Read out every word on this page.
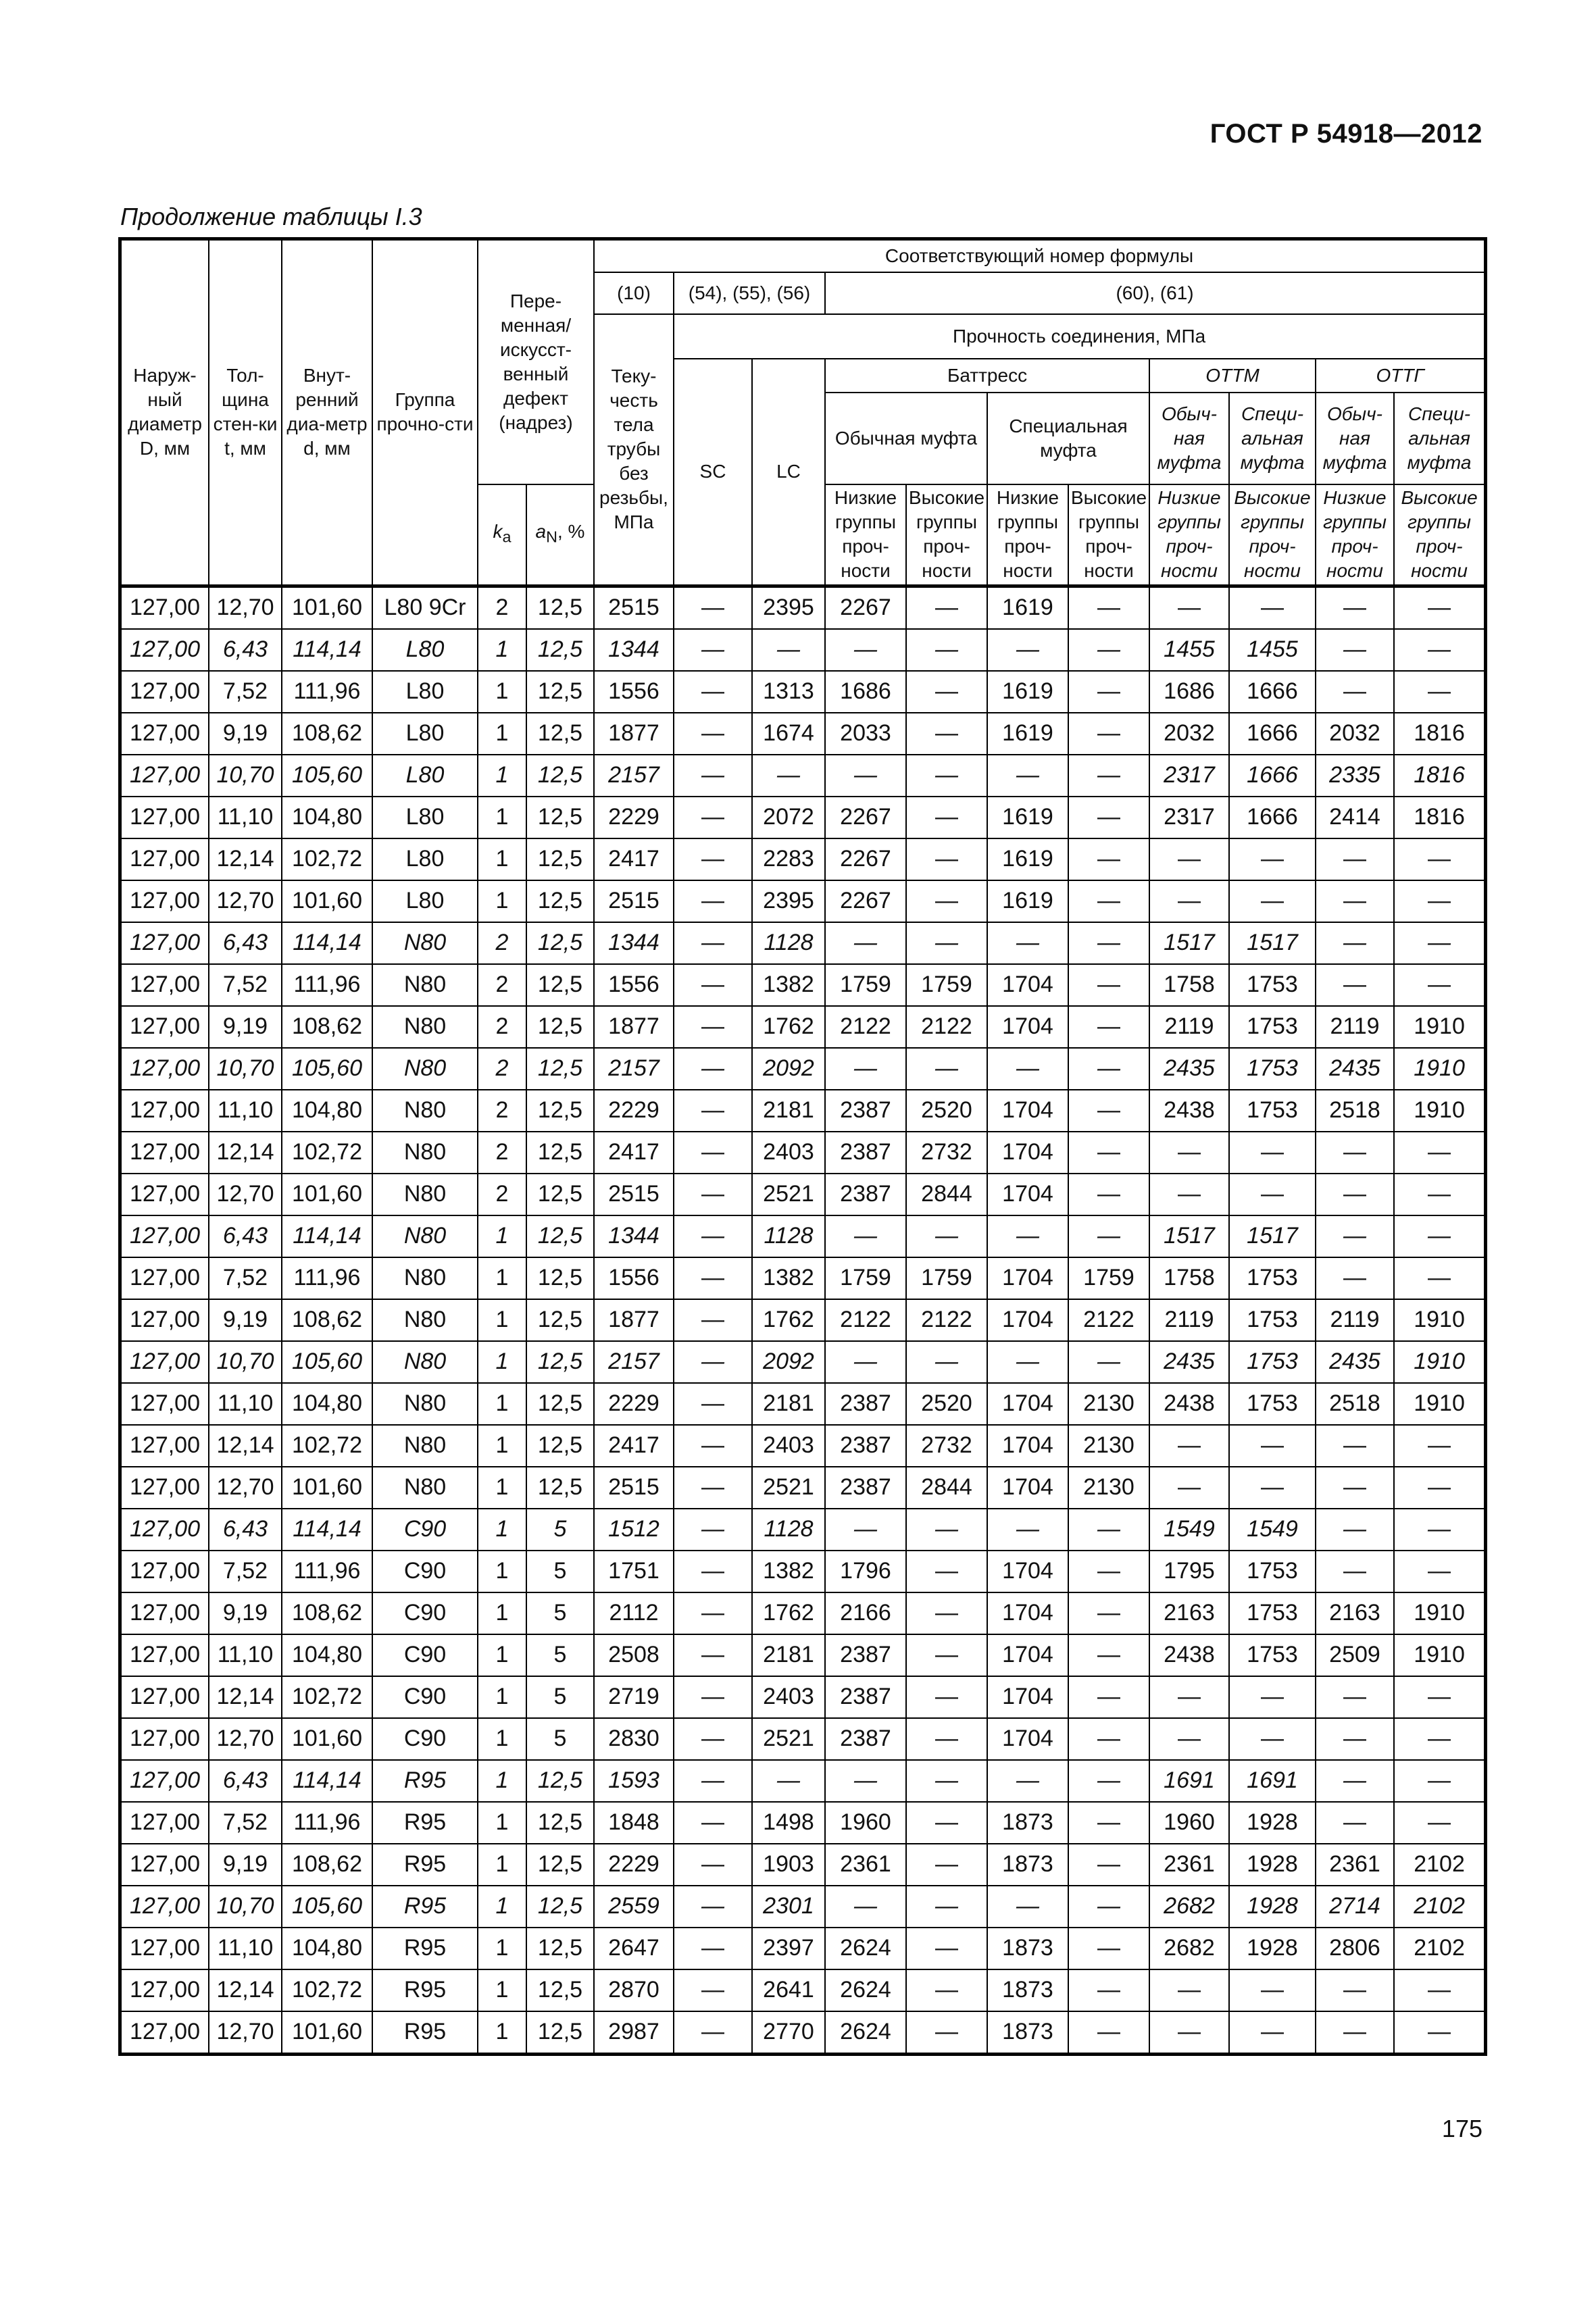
ГОСТ Р 54918—2012
Продолжение таблицы I.3
Наруж-ный диаметр D, мм	Тол-щина стен-ки t, мм	Внут-ренний диа-метр d, мм	Группа прочно-сти	Пере-менная/ искусст-венный дефект (надрез)		Соответствующий номер формулы										
						(10)	(54), (55), (56)		(60), (61)							
						Теку-честь тела трубы без резьбы, МПа	Прочность соединения, МПа									
							SC	LC	Баттресс				ОТТМ		ОТТГ	
									Обычная муфта		Специальная муфта		Обыч-ная муфта	Специ-альная муфта	Обыч-ная муфта	Специ-альная муфта
				$k_a$	$a_N$, %				Низкие группы проч-ности	Высокие группы проч-ности	Низкие группы проч-ности	Высокие группы проч-ности	Низкие группы проч-ности	Высокие группы проч-ности	Низкие группы проч-ности	Высокие группы проч-ности
127,00	12,70	101,60	L80 9Cr	2	12,5	2515	—	2395	2267	—	1619	—	—	—	—	—
127,00	6,43	114,14	L80	1	12,5	1344	—	—	—	—	—	—	1455	1455	—	—
127,00	7,52	111,96	L80	1	12,5	1556	—	1313	1686	—	1619	—	1686	1666	—	—
127,00	9,19	108,62	L80	1	12,5	1877	—	1674	2033	—	1619	—	2032	1666	2032	1816
127,00	10,70	105,60	L80	1	12,5	2157	—	—	—	—	—	—	2317	1666	2335	1816
127,00	11,10	104,80	L80	1	12,5	2229	—	2072	2267	—	1619	—	2317	1666	2414	1816
127,00	12,14	102,72	L80	1	12,5	2417	—	2283	2267	—	1619	—	—	—	—	—
127,00	12,70	101,60	L80	1	12,5	2515	—	2395	2267	—	1619	—	—	—	—	—
127,00	6,43	114,14	N80	2	12,5	1344	—	1128	—	—	—	—	1517	1517	—	—
127,00	7,52	111,96	N80	2	12,5	1556	—	1382	1759	1759	1704	—	1758	1753	—	—
127,00	9,19	108,62	N80	2	12,5	1877	—	1762	2122	2122	1704	—	2119	1753	2119	1910
127,00	10,70	105,60	N80	2	12,5	2157	—	2092	—	—	—	—	2435	1753	2435	1910
127,00	11,10	104,80	N80	2	12,5	2229	—	2181	2387	2520	1704	—	2438	1753	2518	1910
127,00	12,14	102,72	N80	2	12,5	2417	—	2403	2387	2732	1704	—	—	—	—	—
127,00	12,70	101,60	N80	2	12,5	2515	—	2521	2387	2844	1704	—	—	—	—	—
127,00	6,43	114,14	N80	1	12,5	1344	—	1128	—	—	—	—	1517	1517	—	—
127,00	7,52	111,96	N80	1	12,5	1556	—	1382	1759	1759	1704	1759	1758	1753	—	—
127,00	9,19	108,62	N80	1	12,5	1877	—	1762	2122	2122	1704	2122	2119	1753	2119	1910
127,00	10,70	105,60	N80	1	12,5	2157	—	2092	—	—	—	—	2435	1753	2435	1910
127,00	11,10	104,80	N80	1	12,5	2229	—	2181	2387	2520	1704	2130	2438	1753	2518	1910
127,00	12,14	102,72	N80	1	12,5	2417	—	2403	2387	2732	1704	2130	—	—	—	—
127,00	12,70	101,60	N80	1	12,5	2515	—	2521	2387	2844	1704	2130	—	—	—	—
127,00	6,43	114,14	C90	1	5	1512	—	1128	—	—	—	—	1549	1549	—	—
127,00	7,52	111,96	C90	1	5	1751	—	1382	1796	—	1704	—	1795	1753	—	—
127,00	9,19	108,62	C90	1	5	2112	—	1762	2166	—	1704	—	2163	1753	2163	1910
127,00	11,10	104,80	C90	1	5	2508	—	2181	2387	—	1704	—	2438	1753	2509	1910
127,00	12,14	102,72	C90	1	5	2719	—	2403	2387	—	1704	—	—	—	—	—
127,00	12,70	101,60	C90	1	5	2830	—	2521	2387	—	1704	—	—	—	—	—
127,00	6,43	114,14	R95	1	12,5	1593	—	—	—	—	—	—	1691	1691	—	—
127,00	7,52	111,96	R95	1	12,5	1848	—	1498	1960	—	1873	—	1960	1928	—	—
127,00	9,19	108,62	R95	1	12,5	2229	—	1903	2361	—	1873	—	2361	1928	2361	2102
127,00	10,70	105,60	R95	1	12,5	2559	—	2301	—	—	—	—	2682	1928	2714	2102
127,00	11,10	104,80	R95	1	12,5	2647	—	2397	2624	—	1873	—	2682	1928	2806	2102
127,00	12,14	102,72	R95	1	12,5	2870	—	2641	2624	—	1873	—	—	—	—	—
127,00	12,70	101,60	R95	1	12,5	2987	—	2770	2624	—	1873	—	—	—	—	—
175
